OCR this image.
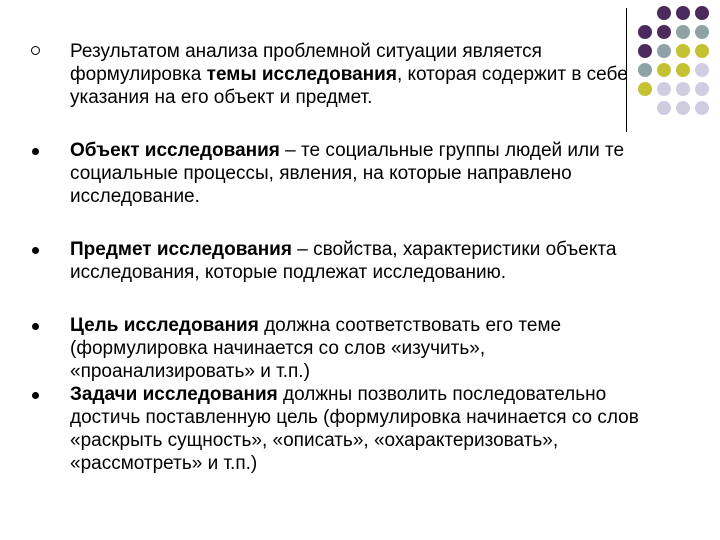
Результатом анализа проблемной ситуации является формулировка темы исследования, которая содержит в себе указания на его объект и предмет.
Объект исследования – те социальные группы людей или те социальные процессы, явления, на которые направлено исследование.
Предмет исследования – свойства, характеристики объекта исследования, которые подлежат исследованию.
Цель исследования должна соответствовать его теме (формулировка начинается со слов «изучить», «проанализировать» и т.п.)
Задачи исследования должны позволить последовательно достичь поставленную цель (формулировка начинается со слов «раскрыть сущность», «описать», «охарактеризовать», «рассмотреть» и т.п.)
